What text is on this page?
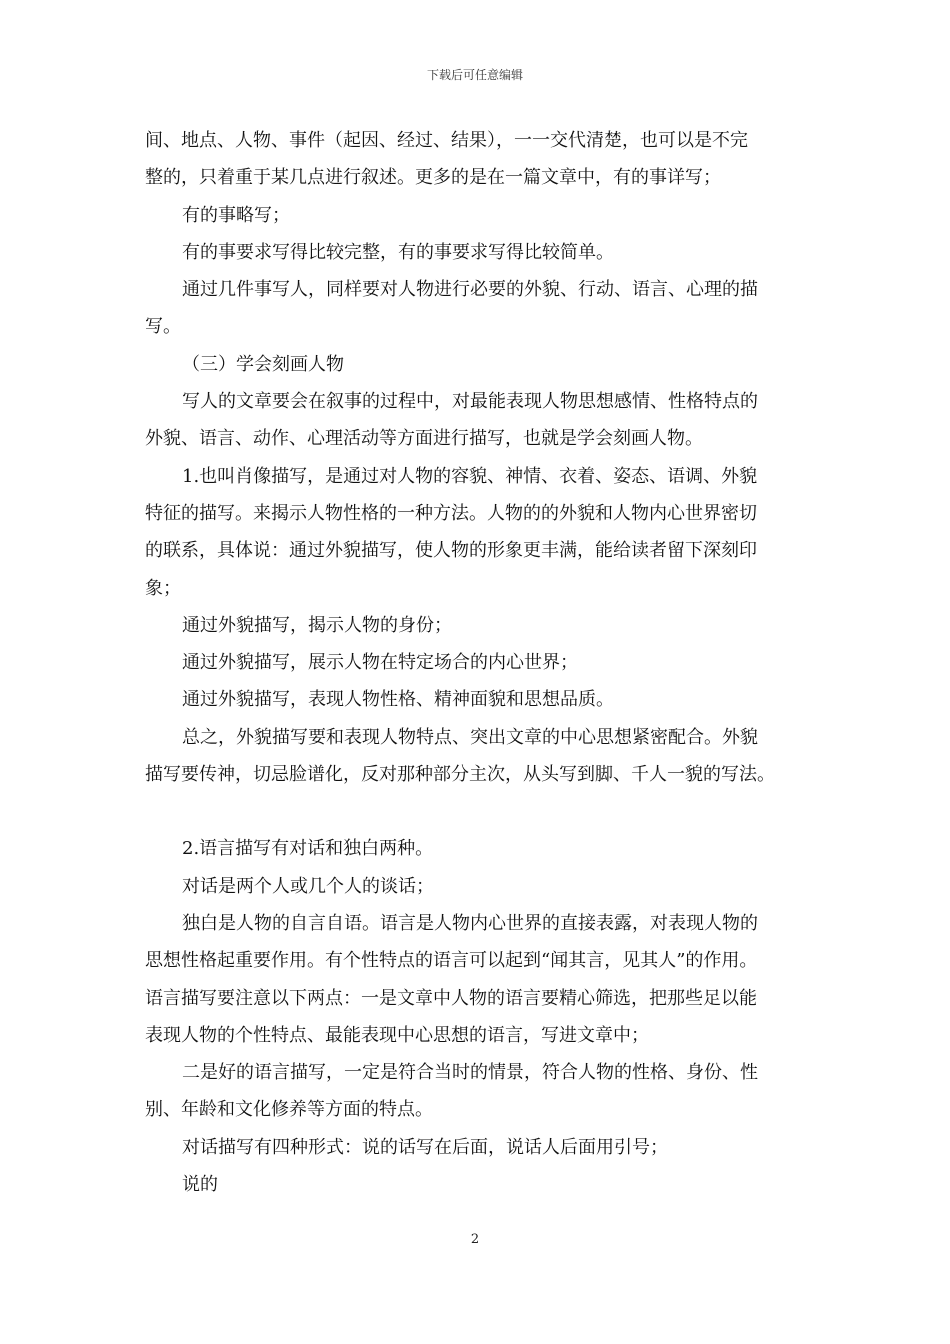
下载后可任意编辑

间、地点、人物、事件（起因、经过、结果），一一交代清楚，也可以是不完

整的，只着重于某几点进行叙述。更多的是在一篇文章中，有的事详写；

有的事略写；

有的事要求写得比较完整，有的事要求写得比较简单。

通过几件事写人，同样要对人物进行必要的外貌、行动、语言、心理的描

写。

（三）学会刻画人物

写人的文章要会在叙事的过程中，对最能表现人物思想感情、性格特点的

外貌、语言、动作、心理活动等方面进行描写，也就是学会刻画人物。

1.也叫肖像描写，是通过对人物的容貌、神情、衣着、姿态、语调、外貌

特征的描写。来揭示人物性格的一种方法。人物的的外貌和人物内心世界密切

的联系，具体说：通过外貌描写，使人物的形象更丰满，能给读者留下深刻印

象；

通过外貌描写，揭示人物的身份；

通过外貌描写，展示人物在特定场合的内心世界；

通过外貌描写，表现人物性格、精神面貌和思想品质。

总之，外貌描写要和表现人物特点、突出文章的中心思想紧密配合。外貌

描写要传神，切忌脸谱化，反对那种部分主次，从头写到脚、千人一貌的写法。

2.语言描写有对话和独白两种。

对话是两个人或几个人的谈话；

独白是人物的自言自语。语言是人物内心世界的直接表露，对表现人物的

思想性格起重要作用。有个性特点的语言可以起到“闻其言，见其人”的作用。

语言描写要注意以下两点：一是文章中人物的语言要精心筛选，把那些足以能

表现人物的个性特点、最能表现中心思想的语言，写进文章中；

二是好的语言描写，一定是符合当时的情景，符合人物的性格、身份、性

别、年龄和文化修养等方面的特点。

对话描写有四种形式：说的话写在后面，说话人后面用引号；

说的

2
